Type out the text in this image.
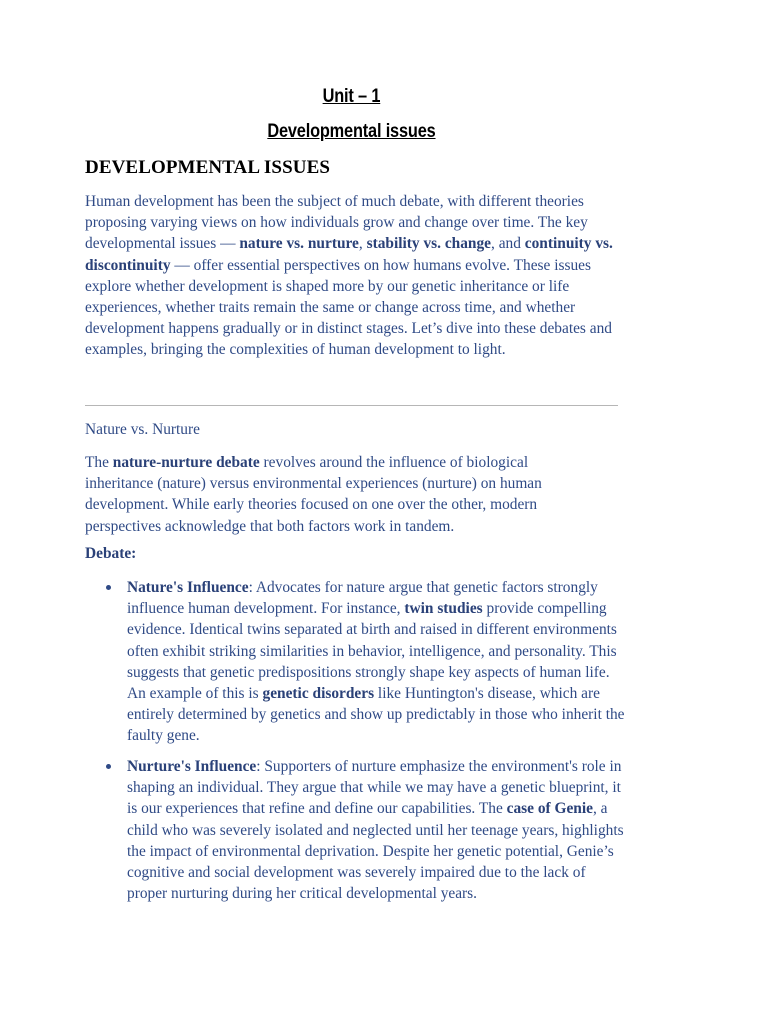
Unit – 1
Developmental issues
DEVELOPMENTAL ISSUES

Human development has been the subject of much debate, with different theories proposing varying views on how individuals grow and change over time. The key developmental issues — nature vs. nurture, stability vs. change, and continuity vs. discontinuity — offer essential perspectives on how humans evolve. These issues explore whether development is shaped more by our genetic inheritance or life experiences, whether traits remain the same or change across time, and whether development happens gradually or in distinct stages. Let’s dive into these debates and examples, bringing the complexities of human development to light.

Nature vs. Nurture

The nature-nurture debate revolves around the influence of biological inheritance (nature) versus environmental experiences (nurture) on human development. While early theories focused on one over the other, modern perspectives acknowledge that both factors work in tandem.

Debate:

Nature's Influence: Advocates for nature argue that genetic factors strongly influence human development. For instance, twin studies provide compelling evidence. Identical twins separated at birth and raised in different environments often exhibit striking similarities in behavior, intelligence, and personality. This suggests that genetic predispositions strongly shape key aspects of human life. An example of this is genetic disorders like Huntington's disease, which are entirely determined by genetics and show up predictably in those who inherit the faulty gene.

Nurture's Influence: Supporters of nurture emphasize the environment's role in shaping an individual. They argue that while we may have a genetic blueprint, it is our experiences that refine and define our capabilities. The case of Genie, a child who was severely isolated and neglected until her teenage years, highlights the impact of environmental deprivation. Despite her genetic potential, Genie’s cognitive and social development was severely impaired due to the lack of proper nurturing during her critical developmental years.
